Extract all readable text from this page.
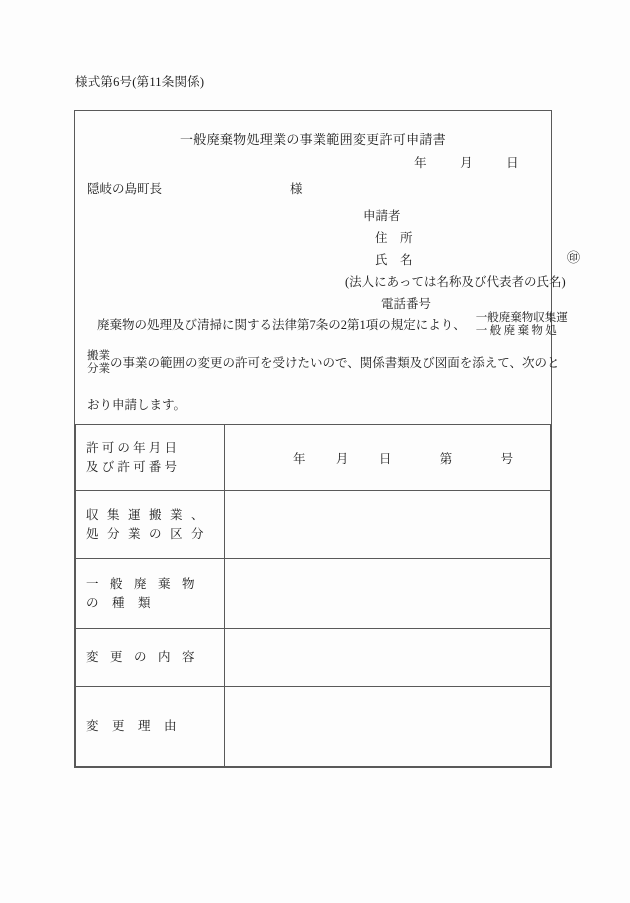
様式第6号(第11条関係)
一般廃棄物処理業の事業範囲変更許可申請書
年	月	日
隠岐の島町長	様
申請者
住　所
氏　名	㊞
(法人にあっては名称及び代表者の氏名)
電話番号
廃棄物の処理及び清掃に関する法律第7条の2第1項の規定により、 一般廃棄物収集運
一般廃棄物処
搬業
分業 の事業の範囲の変更の許可を受けたいので、関係書類及び図面を添えて、次のと
おり申請します。
許可の年月日
及び許可番号	年 月 日 第 号

収集運搬業、
処分業の区分	

一般廃棄物
の種類	

変更の内容	

変更理由	
